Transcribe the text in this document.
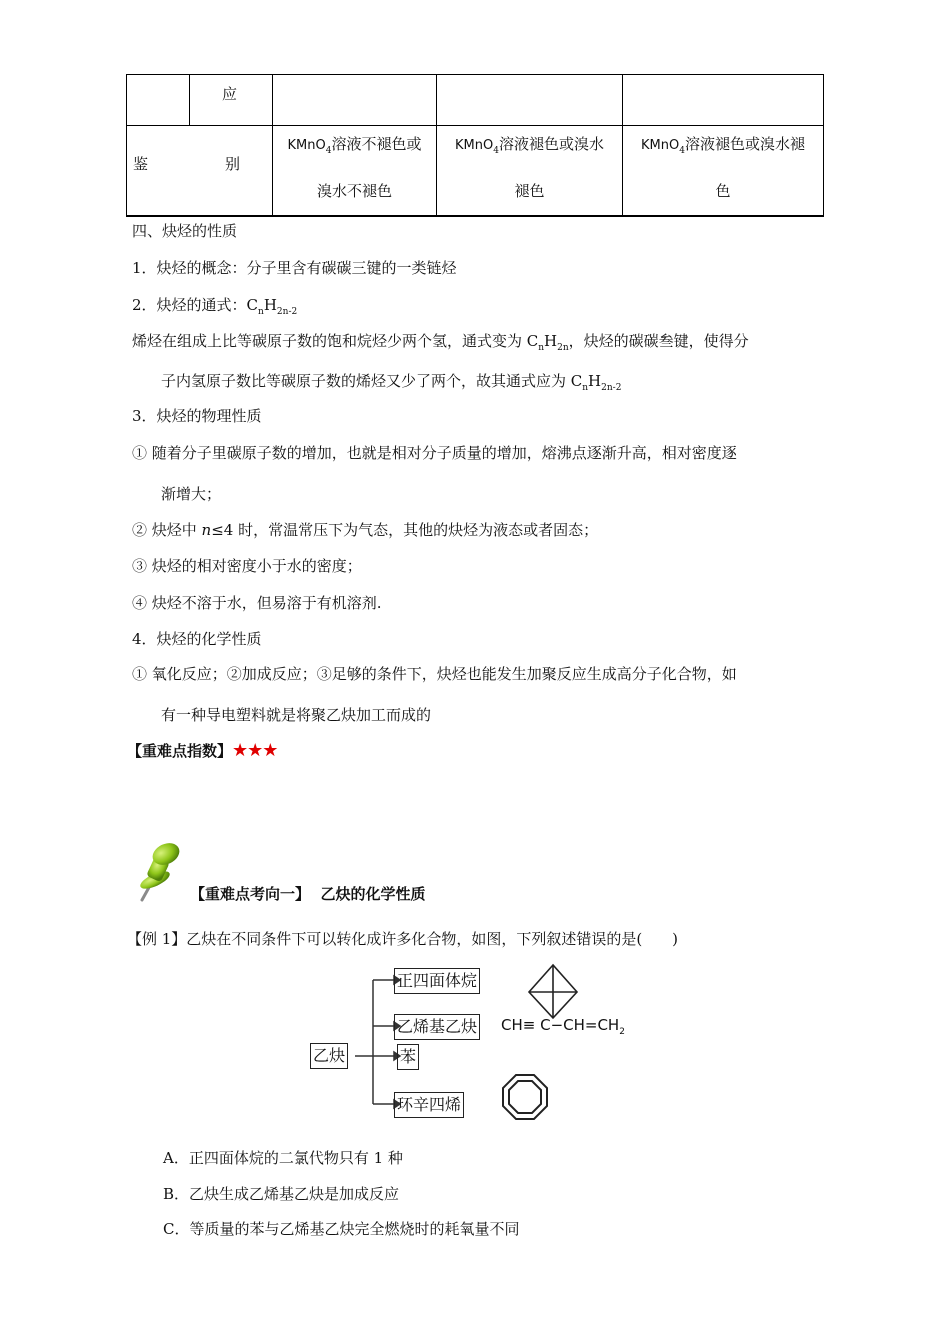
应
鉴	别
KMnO$_4$溶液不褪色或
溴水不褪色
KMnO$_4$溶液褪色或溴水
褪色
KMnO$_4$溶液褪色或溴水褪
色
四、炔烃的性质
1．炔烃的概念：分子里含有碳碳三键的一类链烃
2．炔烃的通式：$C_nH_{2n-2}$
烯烃在组成上比等碳原子数的饱和烷烃少两个氢，通式变为 $C_nH_{2n}$，炔烃的碳碳叁键，使得分
子内氢原子数比等碳原子数的烯烃又少了两个，故其通式应为 $C_nH_{2n-2}$
3．炔烃的物理性质
① 随着分子里碳原子数的增加，也就是相对分子质量的增加，熔沸点逐渐升高，相对密度逐
渐增大；
② 炔烃中 n≤4 时，常温常压下为气态，其他的炔烃为液态或者固态；
③ 炔烃的相对密度小于水的密度；
④ 炔烃不溶于水，但易溶于有机溶剂.
4．炔烃的化学性质
① 氧化反应；②加成反应；③足够的条件下，炔烃也能发生加聚反应生成高分子化合物，如
有一种导电塑料就是将聚乙炔加工而成的
【重难点指数】★★★
【重难点考向一】 乙炔的化学性质
【例 1】乙炔在不同条件下可以转化成许多化合物，如图，下列叙述错误的是(　　)
乙炔
正四面体烷
乙烯基乙炔
苯
环辛四烯
$CH\equiv C-CH=CH_2$
A．正四面体烷的二氯代物只有 1 种
B．乙炔生成乙烯基乙炔是加成反应
C．等质量的苯与乙烯基乙炔完全燃烧时的耗氧量不同
